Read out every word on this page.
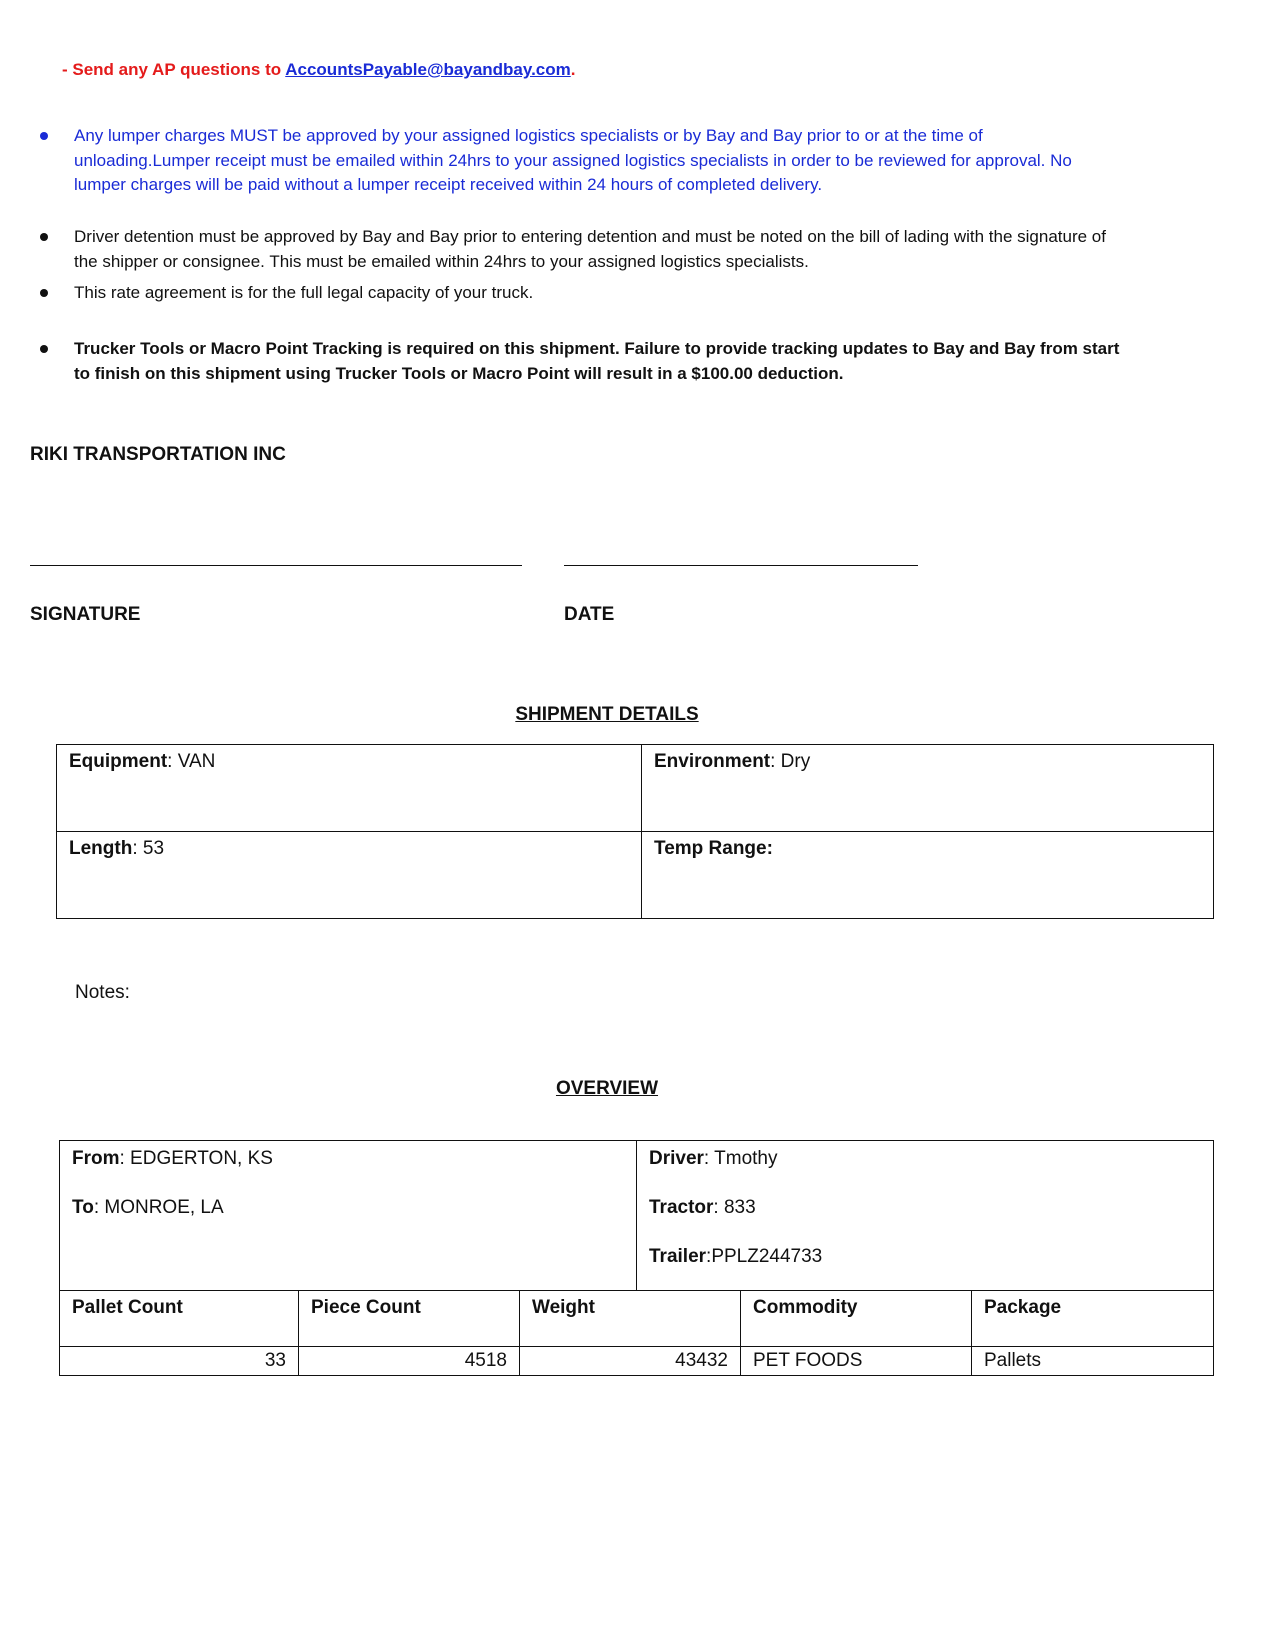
- Send any AP questions to AccountsPayable@bayandbay.com.
Any lumper charges MUST be approved by your assigned logistics specialists or by Bay and Bay prior to or at the time of unloading.Lumper receipt must be emailed within 24hrs to your assigned logistics specialists in order to be reviewed for approval. No lumper charges will be paid without a lumper receipt received within 24 hours of completed delivery.
Driver detention must be approved by Bay and Bay prior to entering detention and must be noted on the bill of lading with the signature of the shipper or consignee. This must be emailed within 24hrs to your assigned logistics specialists.
This rate agreement is for the full legal capacity of your truck.
Trucker Tools or Macro Point Tracking is required on this shipment. Failure to provide tracking updates to Bay and Bay from start to finish on this shipment using Trucker Tools or Macro Point will result in a $100.00 deduction.
RIKI TRANSPORTATION INC
SIGNATURE	DATE
SHIPMENT DETAILS
Equipment: VAN	Environment: Dry
Length: 53	Temp Range:
Notes:
OVERVIEW

From: EDGERTON, KS

To: MONROE, LA

Driver: Tmothy

Tractor: 833

Trailer:PPLZ244733

Pallet Count	Piece Count	Weight	Commodity	Package
33	4518	43432	PET FOODS	Pallets
